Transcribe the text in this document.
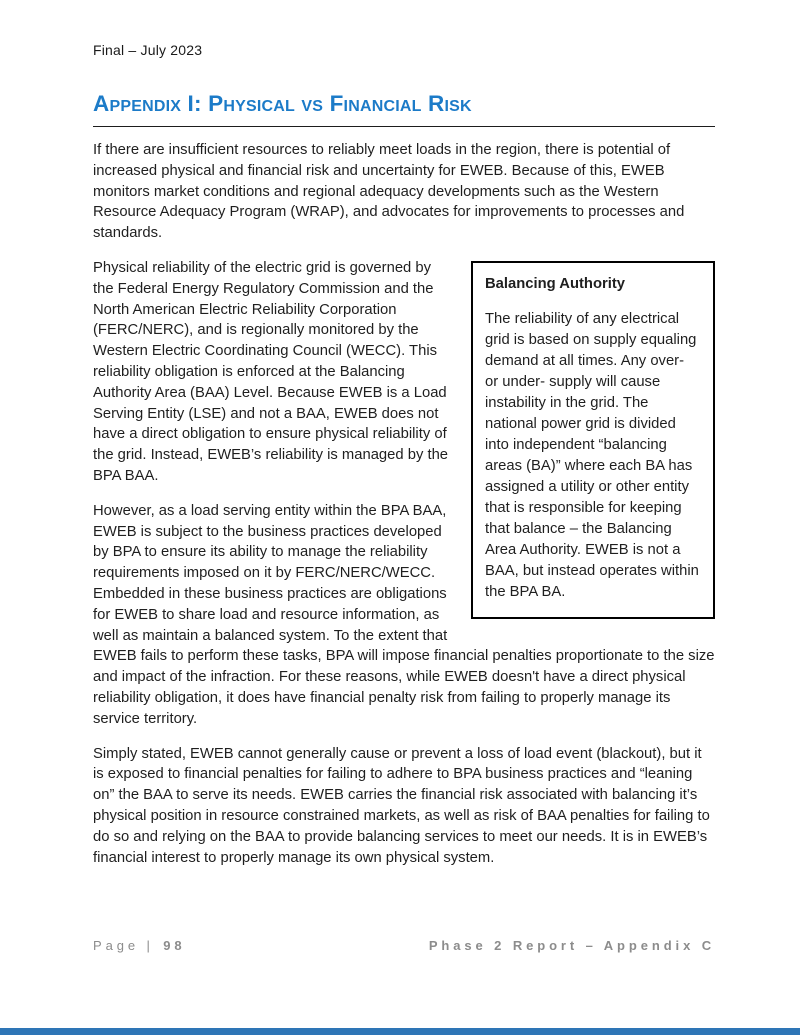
Final – July 2023
Appendix I: Physical vs Financial Risk

If there are insufficient resources to reliably meet loads in the region, there is potential of increased physical and financial risk and uncertainty for EWEB. Because of this, EWEB monitors market conditions and regional adequacy developments such as the Western Resource Adequacy Program (WRAP), and advocates for improvements to processes and standards.

Balancing Authority
The reliability of any electrical grid is based on supply equaling demand at all times. Any over- or under- supply will cause instability in the grid. The national power grid is divided into independent “balancing areas (BA)” where each BA has assigned a utility or other entity that is responsible for keeping that balance – the Balancing Area Authority. EWEB is not a BAA, but instead operates within the BPA BA.

Physical reliability of the electric grid is governed by the Federal Energy Regulatory Commission and the North American Electric Reliability Corporation (FERC/NERC), and is regionally monitored by the Western Electric Coordinating Council (WECC). This reliability obligation is enforced at the Balancing Authority Area (BAA) Level. Because EWEB is a Load Serving Entity (LSE) and not a BAA, EWEB does not have a direct obligation to ensure physical reliability of the grid. Instead, EWEB’s reliability is managed by the BPA BAA.

However, as a load serving entity within the BPA BAA, EWEB is subject to the business practices developed by BPA to ensure its ability to manage the reliability requirements imposed on it by FERC/NERC/WECC. Embedded in these business practices are obligations for EWEB to share load and resource information, as well as maintain a balanced system. To the extent that EWEB fails to perform these tasks, BPA will impose financial penalties proportionate to the size and impact of the infraction. For these reasons, while EWEB doesn't have a direct physical reliability obligation, it does have financial penalty risk from failing to properly manage its service territory.

Simply stated, EWEB cannot generally cause or prevent a loss of load event (blackout), but it is exposed to financial penalties for failing to adhere to BPA business practices and “leaning on” the BAA to serve its needs. EWEB carries the financial risk associated with balancing it’s physical position in resource constrained markets, as well as risk of BAA penalties for failing to do so and relying on the BAA to provide balancing services to meet our needs. It is in EWEB’s financial interest to properly manage its own physical system.

Page | 98	Phase 2 Report – Appendix C
